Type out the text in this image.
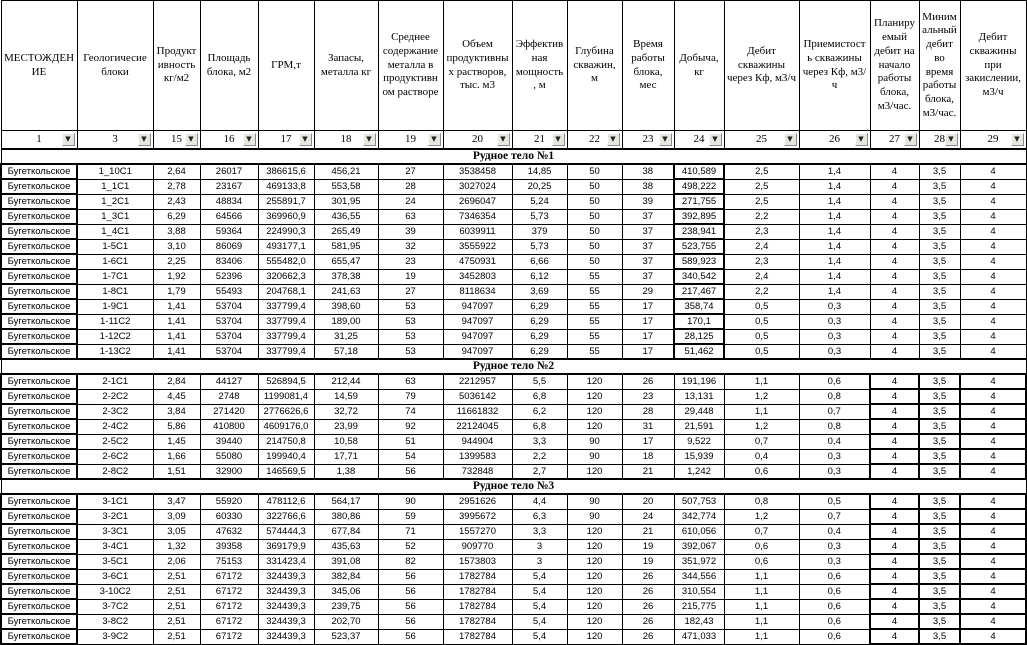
МЕСТОЖДЕНИЕ	Геологичесие блоки	Продуктивность кг/м2	Площадь блока, м2	ГРМ,т	Запасы, металла кг	Среднее содержание металла в продуктивном растворе	Объем продуктивных растворов, тыс. м3	Эффективная мощность, м	Глубина скважин, м	Время работы блока, мес	Добыча, кг	Дебит скважины через Кф, м3/ч	Приемистость скважины через Кф, м3/ч	Планируемый дебит на начало работы блока, м3/час.	Минимальный дебит во время работы блока, м3/час.	Дебит скважины при закислении, м3/ч
1 ▼	3 ▼	15 ▼	16 ▼	17 ▼	18 ▼	19 ▼	20 ▼	21 ▼	22 ▼	23 ▼	24 ▼	25 ▼	26 ▼	27 ▼	28 ▼	29 ▼

Рудное тело №1																
Бугеткольское	1_10C1	2,64	26017	386615,6	456,21	27	3538458	14,85	50	38	410,589	2,5	1,4	4	3,5	4
Бугеткольское	1_1C1	2,78	23167	469133,8	553,58	28	3027024	20,25	50	38	498,222	2,5	1,4	4	3,5	4
Бугеткольское	1_2C1	2,43	48834	255891,7	301,95	24	2696047	5,24	50	39	271,755	2,5	1,4	4	3,5	4
Бугеткольское	1_3C1	6,29	64566	369960,9	436,55	63	7346354	5,73	50	37	392,895	2,2	1,4	4	3,5	4
Бугеткольское	1_4C1	3,88	59364	224990,3	265,49	39	6039911	379	50	37	238,941	2,3	1,4	4	3,5	4
Бугеткольское	1-5C1	3,10	86069	493177,1	581,95	32	3555922	5,73	50	37	523,755	2,4	1,4	4	3,5	4
Бугеткольское	1-6C1	2,25	83406	555482,0	655,47	23	4750931	6,66	50	37	589,923	2,3	1,4	4	3,5	4
Бугеткольское	1-7C1	1,92	52396	320662,3	378,38	19	3452803	6,12	55	37	340,542	2,4	1,4	4	3,5	4
Бугеткольское	1-8C1	1,79	55493	204768,1	241,63	27	8118634	3,69	55	29	217,467	2,2	1,4	4	3,5	4
Бугеткольское	1-9C1	1,41	53704	337799,4	398,60	53	947097	6,29	55	17	358,74	0,5	0,3	4	3,5	4
Бугеткольское	1-11C2	1,41	53704	337799,4	189,00	53	947097	6,29	55	17	170,1	0,5	0,3	4	3,5	4
Бугеткольское	1-12C2	1,41	53704	337799,4	31,25	53	947097	6,29	55	17	28,125	0,5	0,3	4	3,5	4
Бугеткольское	1-13C2	1,41	53704	337799,4	57,18	53	947097	6,29	55	17	51,462	0,5	0,3	4	3,5	4
Рудное тело №2																
Бугеткольское	2-1C1	2,84	44127	526894,5	212,44	63	2212957	5,5	120	26	191,196	1,1	0,6	4	3,5	4
Бугеткольское	2-2C2	4,45	2748	1199081,4	14,59	79	5036142	6,8	120	23	13,131	1,2	0,8	4	3,5	4
Бугеткольское	2-3C2	3,84	271420	2776626,6	32,72	74	11661832	6,2	120	28	29,448	1,1	0,7	4	3,5	4
Бугеткольское	2-4C2	5,86	410800	4609176,0	23,99	92	22124045	6,8	120	31	21,591	1,2	0,8	4	3,5	4
Бугеткольское	2-5C2	1,45	39440	214750,8	10,58	51	944904	3,3	90	17	9,522	0,7	0,4	4	3,5	4
Бугеткольское	2-6C2	1,66	55080	199940,4	17,71	54	1399583	2,2	90	18	15,939	0,4	0,3	4	3,5	4
Бугеткольское	2-8C2	1,51	32900	146569,5	1,38	56	732848	2,7	120	21	1,242	0,6	0,3	4	3,5	4
Рудное тело №3																
Бугеткольское	3-1C1	3,47	55920	478112,6	564,17	90	2951626	4,4	90	20	507,753	0,8	0,5	4	3,5	4
Бугеткольское	3-2C1	3,09	60330	322766,6	380,86	59	3995672	6,3	90	24	342,774	1,2	0,7	4	3,5	4
Бугеткольское	3-3C1	3,05	47632	574444,3	677,84	71	1557270	3,3	120	21	610,056	0,7	0,4	4	3,5	4
Бугеткольское	3-4C1	1,32	39358	369179,9	435,63	52	909770	3	120	19	392,067	0,6	0,3	4	3,5	4
Бугеткольское	3-5C1	2,06	75153	331423,4	391,08	82	1573803	3	120	19	351,972	0,6	0,3	4	3,5	4
Бугеткольское	3-6C1	2,51	67172	324439,3	382,84	56	1782784	5,4	120	26	344,556	1,1	0,6	4	3,5	4
Бугеткольское	3-10C2	2,51	67172	324439,3	345,06	56	1782784	5,4	120	26	310,554	1,1	0,6	4	3,5	4
Бугеткольское	3-7C2	2,51	67172	324439,3	239,75	56	1782784	5,4	120	26	215,775	1,1	0,6	4	3,5	4
Бугеткольское	3-8C2	2,51	67172	324439,3	202,70	56	1782784	5,4	120	26	182,43	1,1	0,6	4	3,5	4
Бугеткольское	3-9C2	2,51	67172	324439,3	523,37	56	1782784	5,4	120	26	471,033	1,1	0,6	4	3,5	4
